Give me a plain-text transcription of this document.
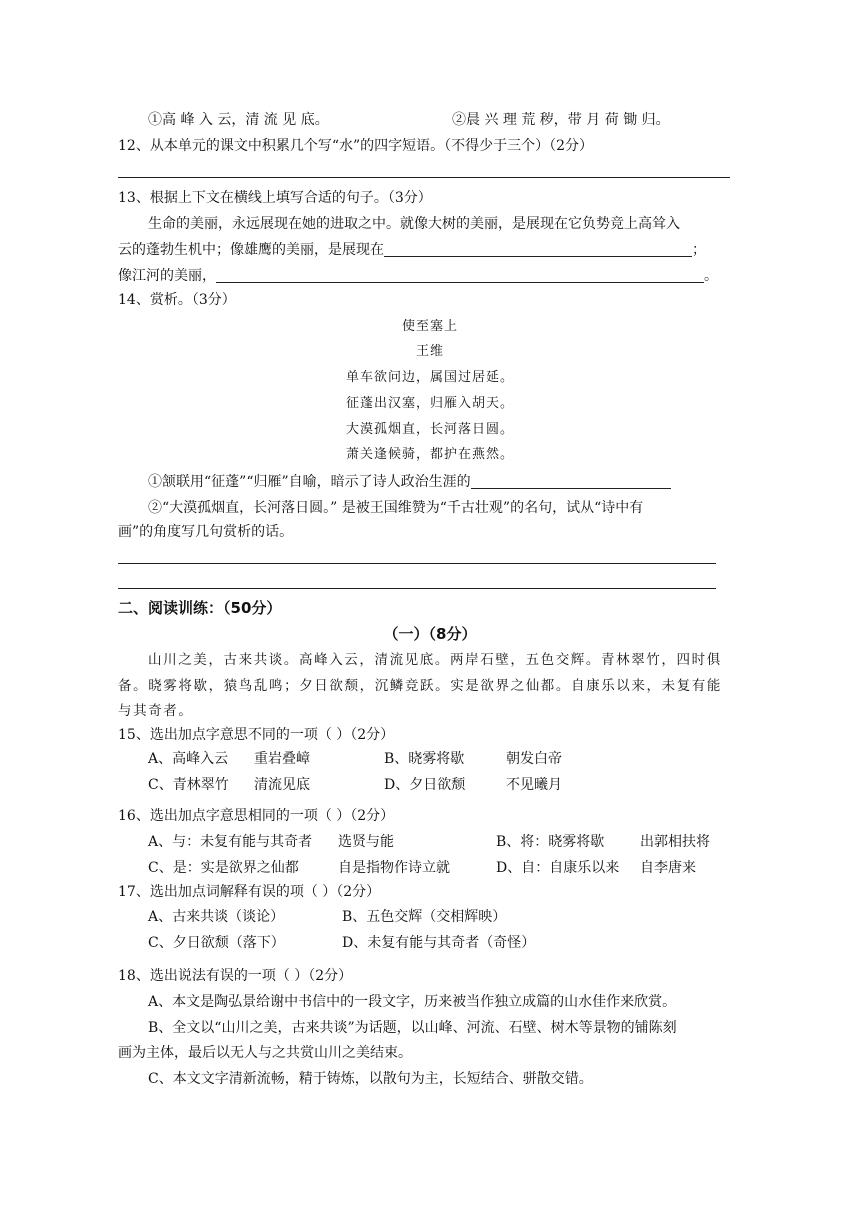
①高 峰 入 云，清 流 见 底。	②晨 兴 理 荒 秽，带 月 荷 锄 归。
12、从本单元的课文中积累几个写“水”的四字短语。（不得少于三个）（2分）
13、根据上下文在横线上填写合适的句子。（3分）
生命的美丽，永远展现在她的进取之中。就像大树的美丽，是展现在它负势竞上高耸入
云的蓬勃生机中；像雄鹰的美丽，是展现在	；
像江河的美丽，	。
14、赏析。（3分）
使至塞上
王维
单车欲问边，属国过居延。
征蓬出汉塞，归雁入胡天。
大漠孤烟直，长河落日圆。
萧关逢候骑，都护在燕然。
①颔联用“征蓬”“归雁”自喻，暗示了诗人政治生涯的
②“大漠孤烟直，长河落日圆。” 是被王国维赞为“千古壮观”的名句，试从“诗中有
画”的角度写几句赏析的话。
二、阅读训练：（50分）
（一）（8分）
山川之美，古来共谈。高峰入云，清流见底。两岸石壁，五色交辉。青林翠竹，四时俱
备。晓雾将歇，猿鸟乱鸣；夕日欲颓，沉鳞竞跃。实是欲界之仙都。自康乐以来，未复有能
与其奇者。
15、选出加点字意思不同的一项（ ）（2分）
A、高峰入云 重岩叠嶂	B、晓雾将歇	朝发白帝
C、青林翠竹 清流见底	D、夕日欲颓	不见曦月
16、选出加点字意思相同的一项（ ）（2分）
A、与：未复有能与其奇者 选贤与能	B、将：晓雾将歇	出郭相扶将
C、是：实是欲界之仙都	自是指物作诗立就	D、自：自康乐以来 自李唐来
17、选出加点词解释有误的项（ ）（2分）
A、古来共谈（谈论）	B、五色交辉（交相辉映）
C、夕日欲颓（落下）	D、未复有能与其奇者（奇怪）
18、选出说法有误的一项（ ）（2分）
A、本文是陶弘景给谢中书信中的一段文字，历来被当作独立成篇的山水佳作来欣赏。
B、全文以“山川之美，古来共谈”为话题，以山峰、河流、石壁、树木等景物的铺陈刻
画为主体，最后以无人与之共赏山川之美结束。
C、本文文字清新流畅，精于铸炼，以散句为主，长短结合、骈散交错。
